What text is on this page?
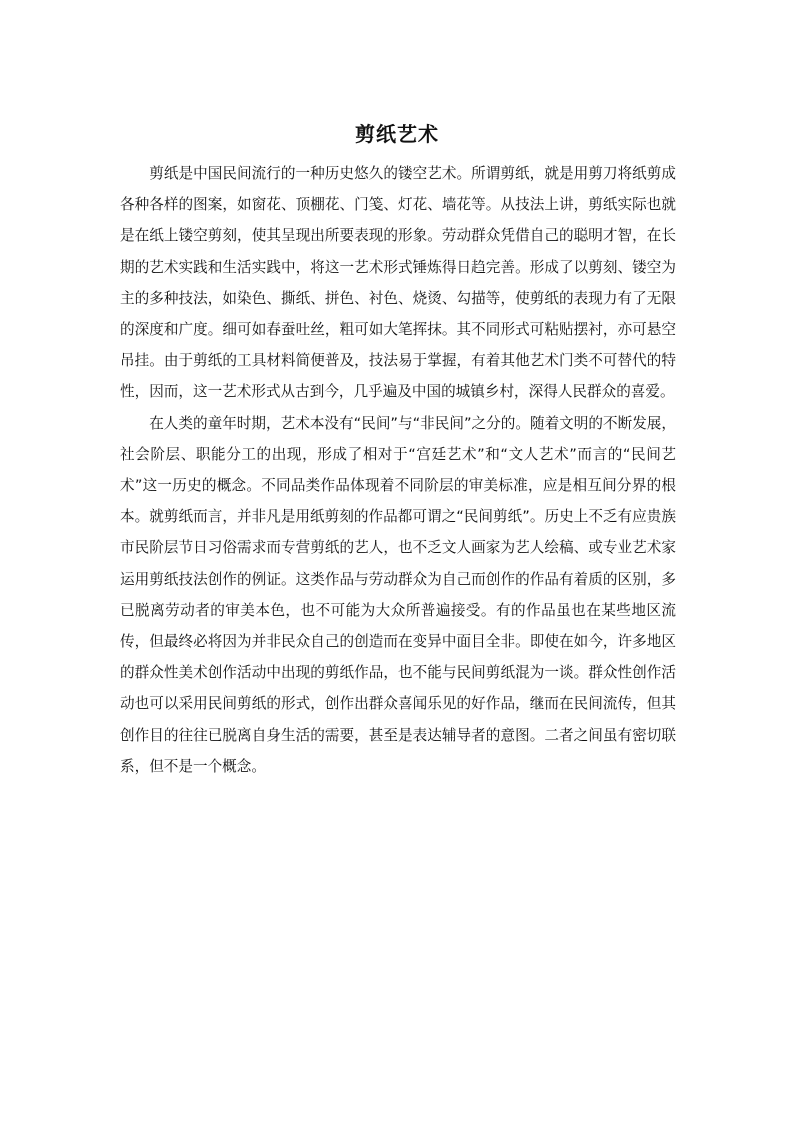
剪纸艺术

剪纸是中国民间流行的一种历史悠久的镂空艺术。所谓剪纸，就是用剪刀将纸剪成各种各样的图案，如窗花、顶棚花、门笺、灯花、墙花等。从技法上讲，剪纸实际也就是在纸上镂空剪刻，使其呈现出所要表现的形象。劳动群众凭借自己的聪明才智，在长期的艺术实践和生活实践中，将这一艺术形式锤炼得日趋完善。形成了以剪刻、镂空为主的多种技法，如染色、撕纸、拼色、衬色、烧烫、勾描等，使剪纸的表现力有了无限的深度和广度。细可如春蚕吐丝，粗可如大笔挥抹。其不同形式可粘贴摆衬，亦可悬空吊挂。由于剪纸的工具材料简便普及，技法易于掌握，有着其他艺术门类不可替代的特性，因而，这一艺术形式从古到今，几乎遍及中国的城镇乡村，深得人民群众的喜爱。

在人类的童年时期，艺术本没有“民间”与“非民间”之分的。随着文明的不断发展，社会阶层、职能分工的出现，形成了相对于“宫廷艺术”和“文人艺术”而言的“民间艺术”这一历史的概念。不同品类作品体现着不同阶层的审美标准，应是相互间分界的根本。就剪纸而言，并非凡是用纸剪刻的作品都可谓之“民间剪纸”。历史上不乏有应贵族市民阶层节日习俗需求而专营剪纸的艺人，也不乏文人画家为艺人绘稿、或专业艺术家运用剪纸技法创作的例证。这类作品与劳动群众为自己而创作的作品有着质的区别，多已脱离劳动者的审美本色，也不可能为大众所普遍接受。有的作品虽也在某些地区流传，但最终必将因为并非民众自己的创造而在变异中面目全非。即使在如今，许多地区的群众性美术创作活动中出现的剪纸作品，也不能与民间剪纸混为一谈。群众性创作活动也可以采用民间剪纸的形式，创作出群众喜闻乐见的好作品，继而在民间流传，但其创作目的往往已脱离自身生活的需要，甚至是表达辅导者的意图。二者之间虽有密切联系，但不是一个概念。
